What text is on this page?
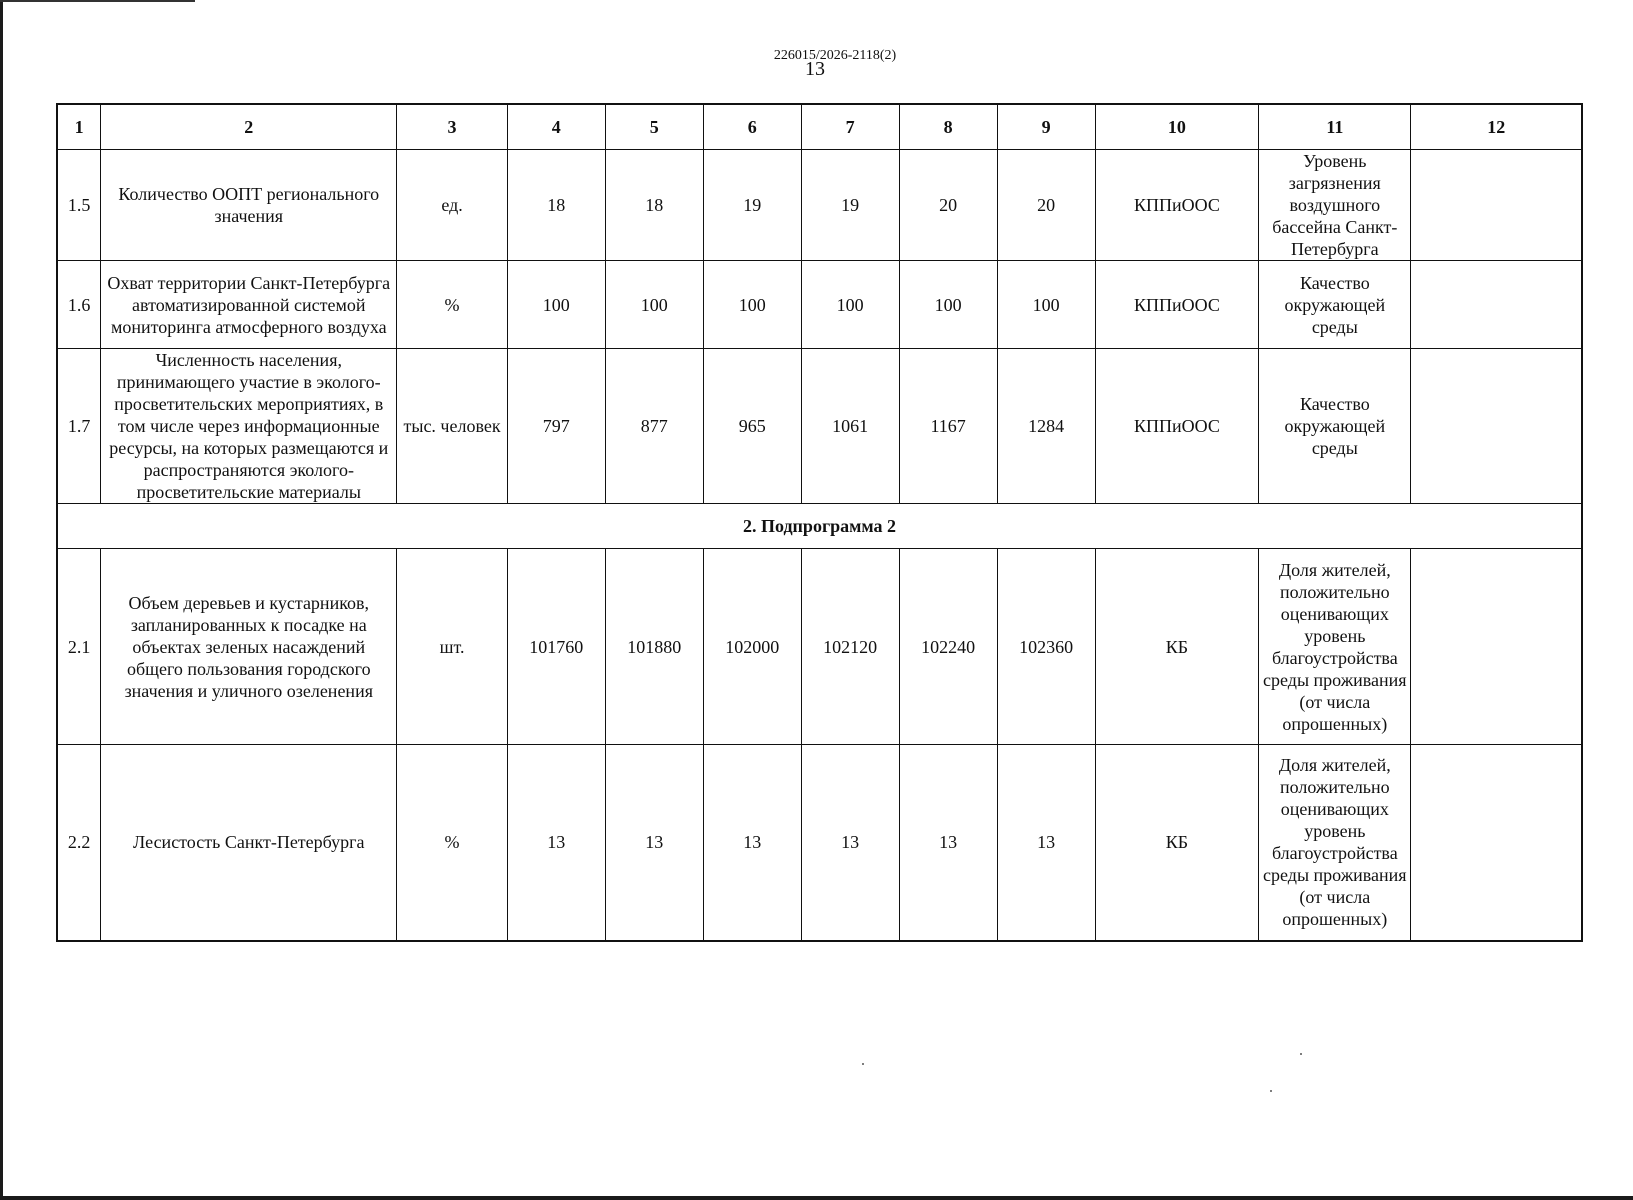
226015/2026-2118(2)
13
1	2	3	4	5	6	7	8	9	10	11	12
1.5	Количество ООПТ регионального значения	ед.	18	18	19	19	20	20	КППиООС	Уровень загрязнения воздушного бассейна Санкт-Петербурга	
1.6	Охват территории Санкт-Петербурга автоматизированной системой мониторинга атмосферного воздуха	%	100	100	100	100	100	100	КППиООС	Качество окружающей среды	
1.7	Численность населения, принимающего участие в эколого-просветительских мероприятиях, в том числе через информационные ресурсы, на которых размещаются и распространяются эколого-просветительские материалы	тыс. человек	797	877	965	1061	1167	1284	КППиООС	Качество окружающей среды	
2. Подпрограмма 2											
2.1	Объем деревьев и кустарников, запланированных к посадке на объектах зеленых насаждений общего пользования городского значения и уличного озеленения	шт.	101760	101880	102000	102120	102240	102360	КБ	Доля жителей, положительно оценивающих уровень благоустройства среды проживания (от числа опрошенных)	
2.2	Лесистость Санкт-Петербурга	%	13	13	13	13	13	13	КБ	Доля жителей, положительно оценивающих уровень благоустройства среды проживания (от числа опрошенных)	
